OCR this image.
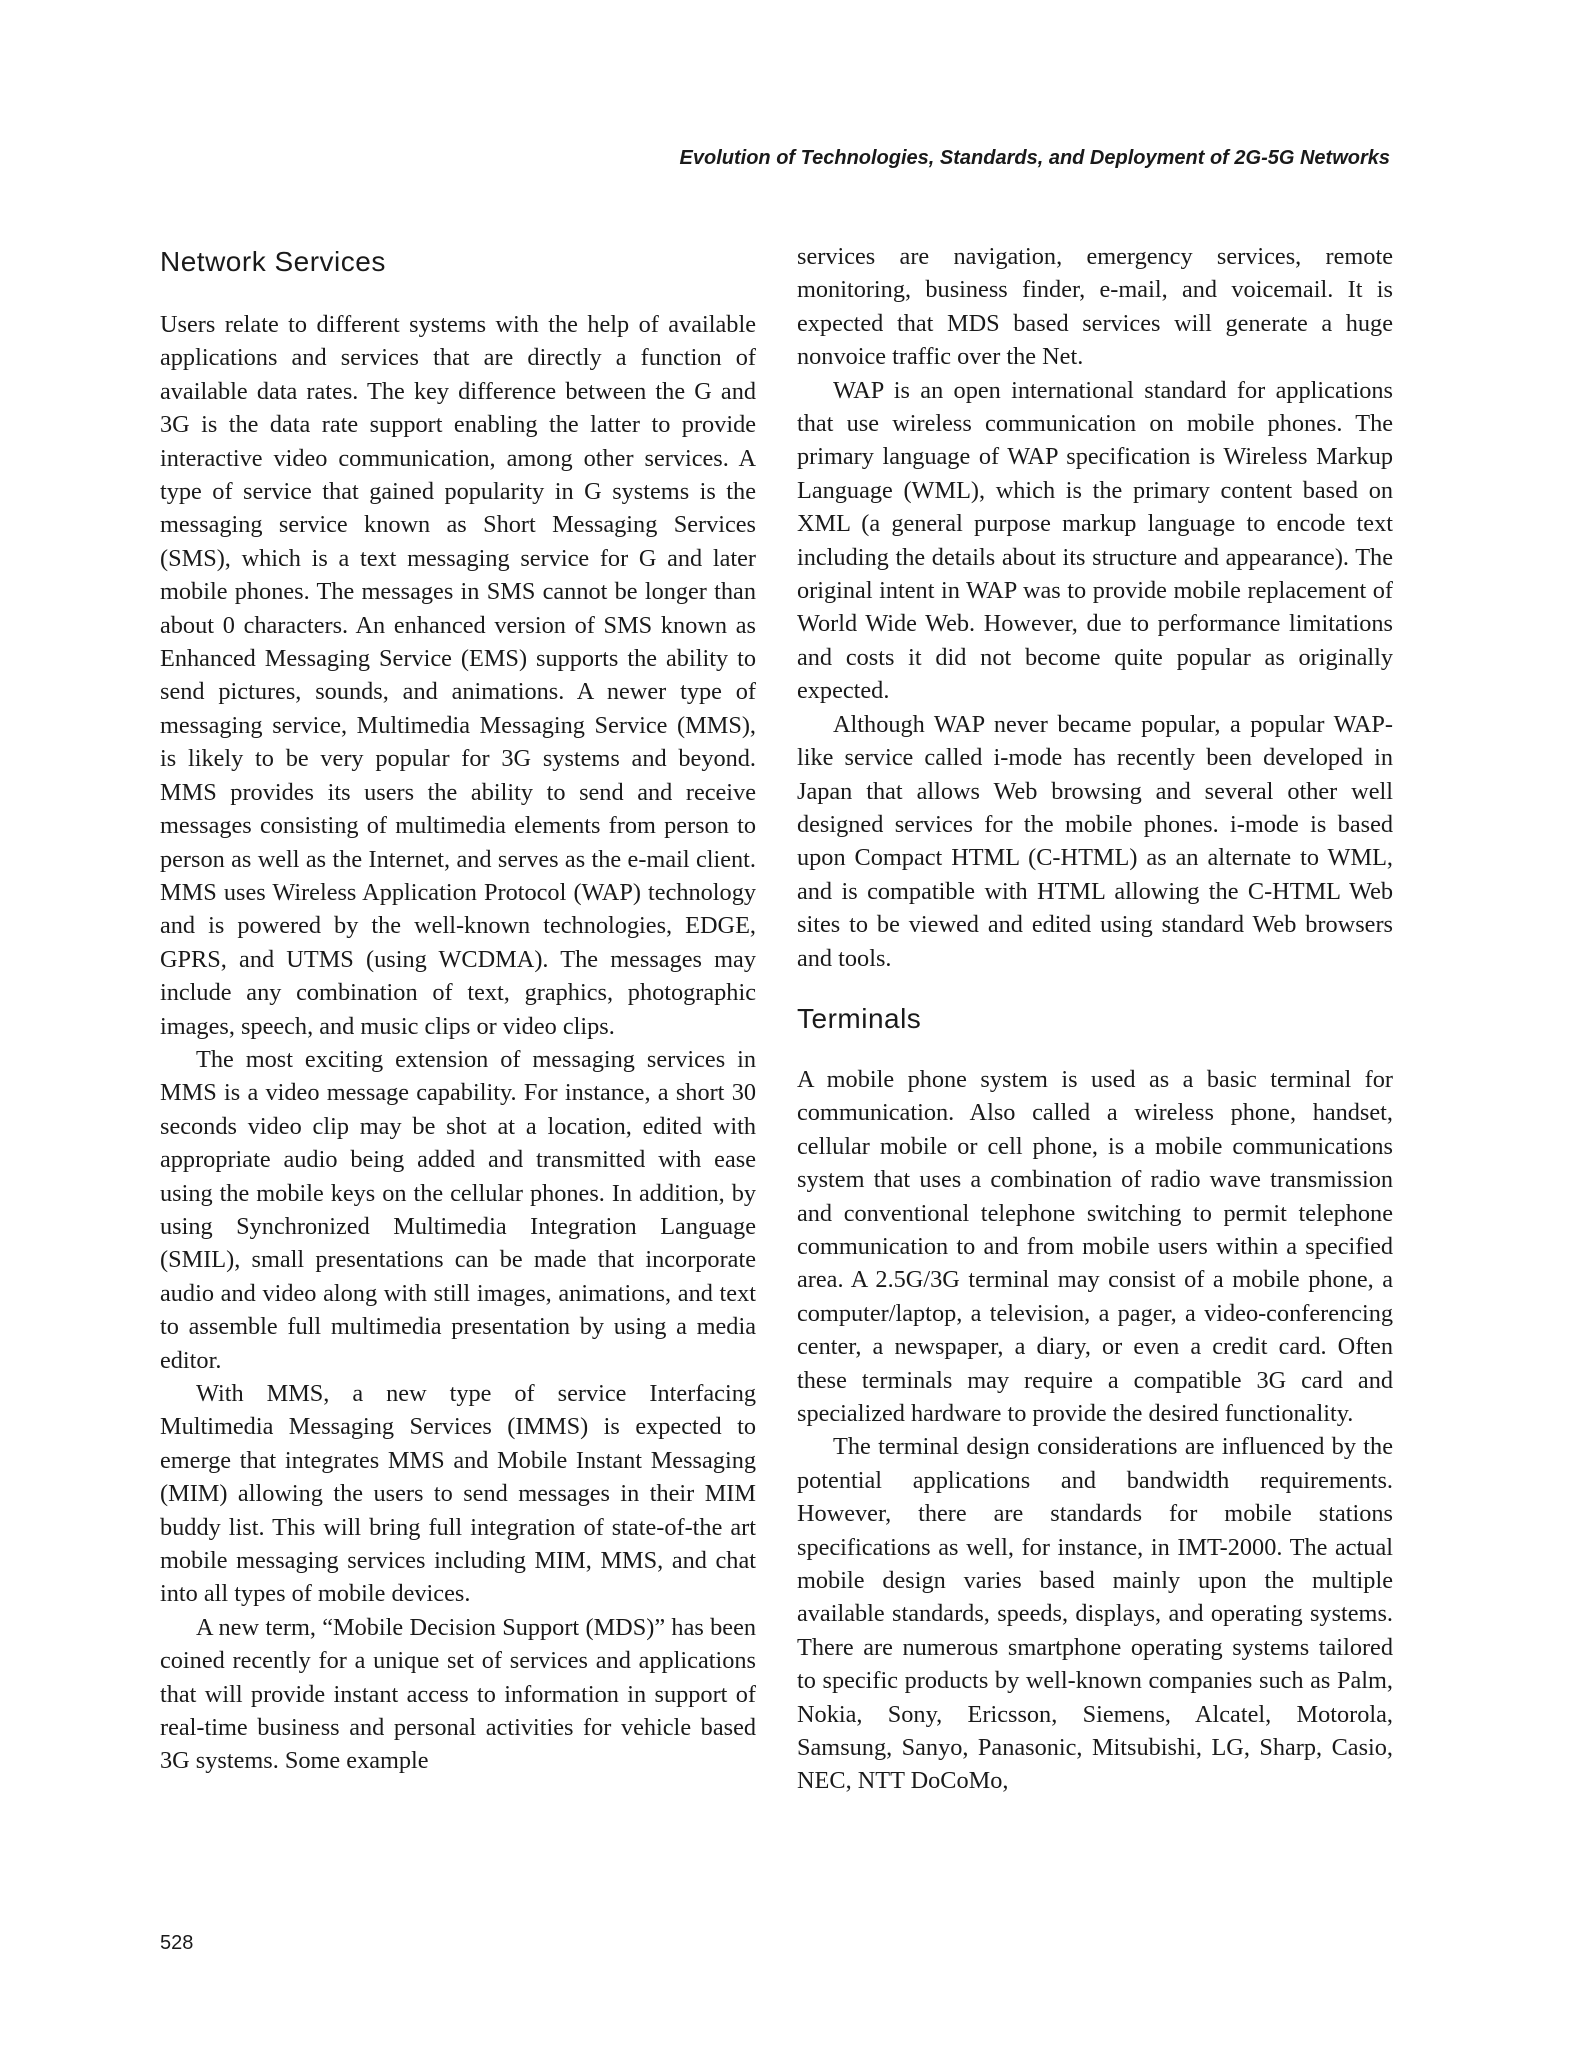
Evolution of Technologies, Standards, and Deployment of 2G-5G Networks
Network Services

Users relate to different systems with the help of available applications and services that are directly a function of available data rates. The key difference between the G and 3G is the data rate support enabling the latter to provide interactive video communication, among other services. A type of service that gained popularity in G systems is the messaging service known as Short Messaging Services (SMS), which is a text messaging service for G and later mobile phones. The messages in SMS cannot be longer than about 0 characters. An enhanced version of SMS known as Enhanced Messaging Service (EMS) supports the ability to send pictures, sounds, and animations. A newer type of messaging service, Multimedia Messaging Service (MMS), is likely to be very popular for 3G systems and beyond. MMS provides its users the ability to send and receive messages consisting of multimedia elements from person to person as well as the Internet, and serves as the e-mail client. MMS uses Wireless Application Protocol (WAP) technology and is powered by the well-known technologies, EDGE, GPRS, and UTMS (using WCDMA). The messages may include any combination of text, graphics, photographic images, speech, and music clips or video clips.

The most exciting extension of messaging services in MMS is a video message capability. For instance, a short 30 seconds video clip may be shot at a location, edited with appropriate audio being added and transmitted with ease using the mobile keys on the cellular phones. In addition, by using Synchronized Multimedia Integration Language (SMIL), small presentations can be made that incorporate audio and video along with still images, animations, and text to assemble full multimedia presentation by using a media editor.

With MMS, a new type of service Interfacing Multimedia Messaging Services (IMMS) is expected to emerge that integrates MMS and Mobile Instant Messaging (MIM) allowing the users to send messages in their MIM buddy list. This will bring full integration of state-of-the art mobile messaging services including MIM, MMS, and chat into all types of mobile devices.

A new term, “Mobile Decision Support (MDS)” has been coined recently for a unique set of services and applications that will provide instant access to information in support of real-time business and personal activities for vehicle based 3G systems. Some example

services are navigation, emergency services, remote monitoring, business finder, e-mail, and voicemail. It is expected that MDS based services will generate a huge nonvoice traffic over the Net.

WAP is an open international standard for applications that use wireless communication on mobile phones. The primary language of WAP specification is Wireless Markup Language (WML), which is the primary content based on XML (a general purpose markup language to encode text including the details about its structure and appearance). The original intent in WAP was to provide mobile replacement of World Wide Web. However, due to performance limitations and costs it did not become quite popular as originally expected.

Although WAP never became popular, a popular WAP-like service called i-mode has recently been developed in Japan that allows Web browsing and several other well designed services for the mobile phones. i-mode is based upon Compact HTML (C-HTML) as an alternate to WML, and is compatible with HTML allowing the C-HTML Web sites to be viewed and edited using standard Web browsers and tools.

Terminals

A mobile phone system is used as a basic terminal for communication. Also called a wireless phone, handset, cellular mobile or cell phone, is a mobile communications system that uses a combination of radio wave transmission and conventional telephone switching to permit telephone communication to and from mobile users within a specified area. A 2.5G/3G terminal may consist of a mobile phone, a computer/laptop, a television, a pager, a video-conferencing center, a newspaper, a diary, or even a credit card. Often these terminals may require a compatible 3G card and specialized hardware to provide the desired functionality.

The terminal design considerations are influenced by the potential applications and bandwidth requirements. However, there are standards for mobile stations specifications as well, for instance, in IMT-2000. The actual mobile design varies based mainly upon the multiple available standards, speeds, displays, and operating systems. There are numerous smartphone operating systems tailored to specific products by well-known companies such as Palm, Nokia, Sony, Ericsson, Siemens, Alcatel, Motorola, Samsung, Sanyo, Panasonic, Mitsubishi, LG, Sharp, Casio, NEC, NTT DoCoMo,

528
